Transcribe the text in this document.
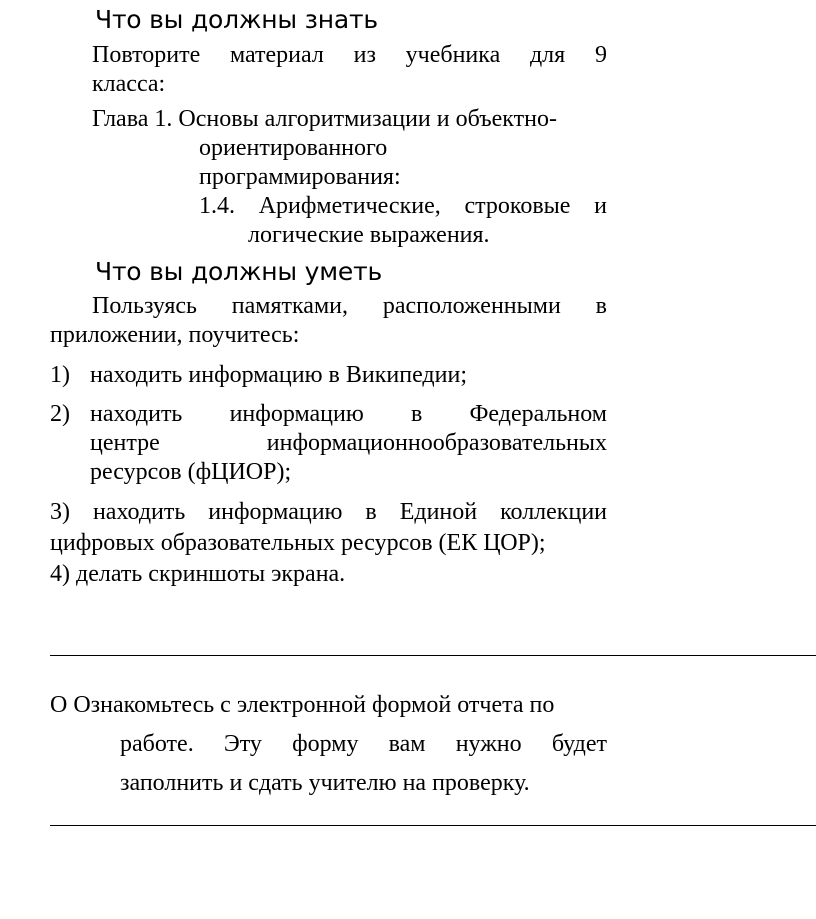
Что вы должны знать
Повторите материал из учебника для 9
класса:
Глава 1. Основы алгоритмизации и объектно-
ориентированного
программирования:
1.4. Арифметические, строковые и
логические выражения.
Что вы должны уметь
Пользуясь памятками, расположенными в
приложении, поучитесь:
1) находить информацию в Википедии;
2) находить информацию в Федеральном
центре	информационнообразовательных
ресурсов (фЦИОР);
3) находить информацию в Единой коллекции
цифровых образовательных ресурсов (ЕК ЦОР);
4) делать скриншоты экрана.
О Ознакомьтесь с электронной формой отчета по
работе. Эту форму вам нужно будет
заполнить и сдать учителю на проверку.
